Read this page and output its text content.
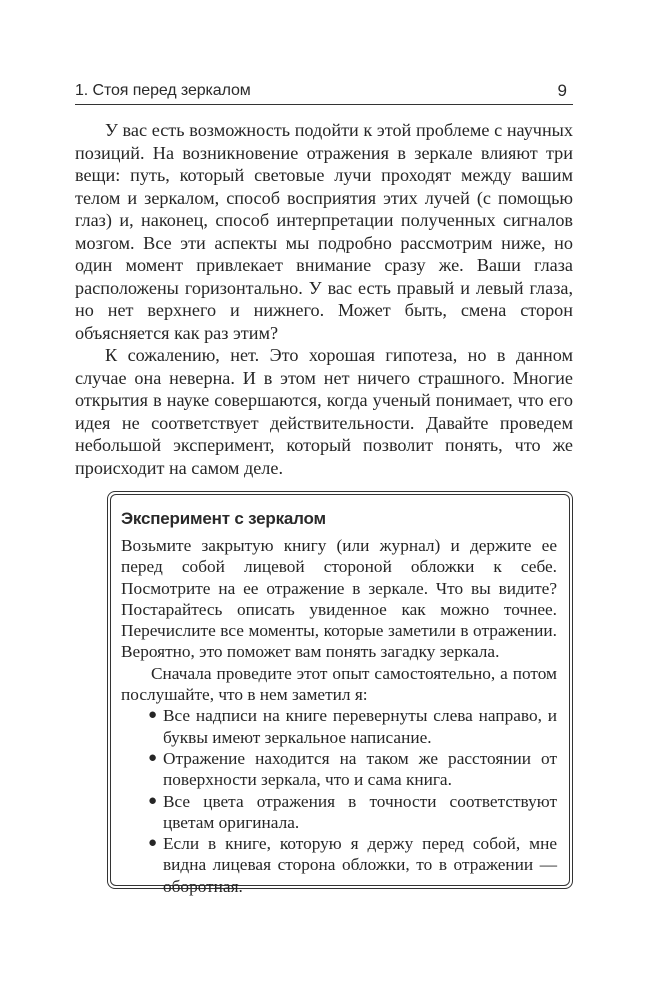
1. Стоя перед зеркалом	9

У вас есть возможность подойти к этой проблеме с научных позиций. На возникновение отражения в зеркале влияют три вещи: путь, который световые лучи проходят между вашим телом и зеркалом, способ восприятия этих лучей (с помощью глаз) и, наконец, способ интерпретации полученных сигналов мозгом. Все эти аспекты мы подробно рассмотрим ниже, но один момент привлекает внимание сразу же. Ваши глаза расположены горизонтально. У вас есть правый и левый глаза, но нет верхнего и нижнего. Может быть, смена сторон объясняется как раз этим?

К сожалению, нет. Это хорошая гипотеза, но в данном случае она неверна. И в этом нет ничего страшного. Многие открытия в науке совершаются, когда ученый понимает, что его идея не соответствует действительности. Давайте проведем небольшой эксперимент, который позволит понять, что же происходит на самом деле.

Эксперимент с зеркалом

Возьмите закрытую книгу (или журнал) и держите ее перед собой лицевой стороной обложки к себе. Посмотрите на ее отражение в зеркале. Что вы видите? Постарайтесь описать увиденное как можно точнее. Перечислите все моменты, которые заметили в отражении. Вероятно, это поможет вам понять загадку зеркала.

Сначала проведите этот опыт самостоятельно, а потом послушайте, что в нем заметил я:

● Все надписи на книге перевернуты слева направо, и буквы имеют зеркальное написание.
● Отражение находится на таком же расстоянии от поверхности зеркала, что и сама книга.
● Все цвета отражения в точности соответствуют цветам оригинала.
● Если в книге, которую я держу перед собой, мне видна лицевая сторона обложки, то в отражении — оборотная.
